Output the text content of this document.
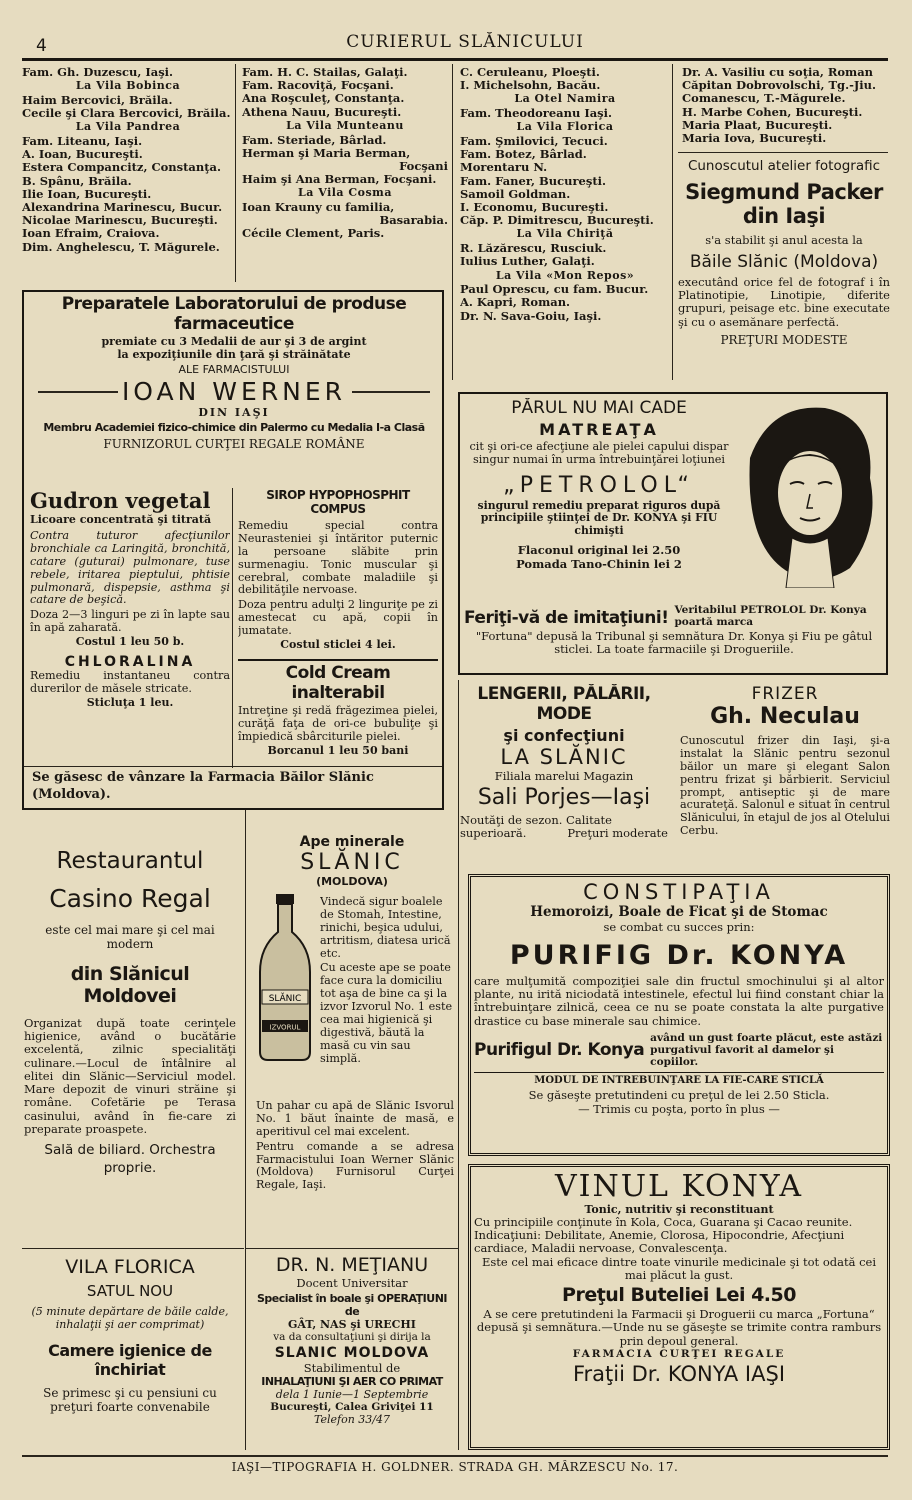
4	CURIERUL SLĂNICULUI
Fam. Gh. Duzescu, Iaşi.
La Vila Bobinca
Haim Bercovici, Brăila.
Cecile şi Clara Bercovici, Brăila.
La Vila Pandrea
Fam. Liteanu, Iaşi.
A. Ioan, Bucureşti.
Estera Compancitz, Constanţa.
B. Spânu, Brăila.
Ilie Ioan, Bucureşti.
Alexandrina Marinescu, Bucur.
Nicolae Marinescu, Bucureşti.
Ioan Efraim, Craiova.
Dim. Anghelescu, T. Măgurele.
Fam. H. C. Stailas, Galaţi.
Fam. Racoviţă, Focşani.
Ana Roşculeţ, Constanţa.
Athena Nauu, Bucureşti.
La Vila Munteanu
Fam. Steriade, Bârlad.
Herman şi Maria Berman,
Focşani
Haim şi Ana Berman, Focşani.
La Vila Cosma
Ioan Krauny cu familia,
Basarabia.
Cécile Clement, Paris.
C. Ceruleanu, Ploeşti.
I. Michelsohn, Bacău.
La Otel Namira
Fam. Theodoreanu Iaşi.
La Vila Florica
Fam. Şmilovici, Tecuci.
Fam. Botez, Bârlad.
Morentaru N.
Fam. Faner, Bucureşti.
Samoil Goldman.
I. Economu, Bucureşti.
Căp. P. Dimitrescu, Bucureşti.
La Vila Chiriţă
R. Lăzărescu, Rusciuk.
Iulius Luther, Galaţi.
La Vila «Mon Repos»
Paul Oprescu, cu fam. Bucur.
A. Kapri, Roman.
Dr. N. Sava-Goiu, Iaşi.
Dr. A. Vasiliu cu soţia, Roman
Căpitan Dobrovolschi, Tg.-Jiu.
Comanescu, T.-Măgurele.
H. Marbe Cohen, Bucureşti.
Maria Plaat, Bucureşti.
Maria Iova, Bucureşti.
Cunoscutul atelier fotografic
Siegmund Packer din Iaşi
s'a stabilit şi anul acesta la
Băile Slănic (Moldova)
executând orice fel de fotograf i în Platinotipie, Linotipie, diferite grupuri, peisage etc. bine executate şi cu o asemănare perfectă.
PREŢURI MODESTE
Preparatele Laboratorului de produse farmaceutice
premiate cu 3 Medalii de aur şi 3 de argint
la expoziţiunile din ţară şi străinătate
ALE FARMACISTULUI
IOAN WERNER
DIN IAŞI
Membru Academiei fizico-chimice din Palermo cu Medalia I-a Clasă
FURNIZORUL CURŢEI REGALE ROMÂNE
Gudron vegetal
Licoare concentrată şi titrată
Contra tuturor afecţiunilor bronchiale ca Laringită, bronchită, catare (guturai) pulmonare, tuse rebele, iritarea pieptului, phtisie pulmonară, dispepsie, asthma şi catare de beşică.
Doza 2—3 linguri pe zi în lapte sau în apă zaharată.
Costul 1 leu 50 b.
CHLORALINA
Remediu instantaneu contra durerilor de măsele stricate.
Sticluţa 1 leu.
SIROP HYPOPHOSPHIT COMPUS
Remediu special contra Neurasteniei şi întăritor puternic la persoane slăbite prin surmenagiu. Tonic muscular şi cerebral, combate maladiile şi debilităţile nervoase.
Doza pentru adulţi 2 linguriţe pe zi amestecat cu apă, copii în jumatate.
Costul sticlei 4 lei.
Cold Cream inalterabil
Intreţine şi redă frăgezimea pielei, curăţă faţa de ori-ce bubuliţe şi împiedică sbârciturile pielei.
Borcanul 1 leu 50 bani
Se găsesc de vânzare la Farmacia Băilor Slănic (Moldova).
PĂRUL NU MAI CADE
MATREAŢA
cit şi ori-ce afecţiune ale pielei capului dispar singur numai în urma întrebuinţărei loţiunei
„PETROLOL“
singurul remediu preparat riguros după principiile ştiinţei de Dr. KONYA şi FIU chimişti
Flaconul original lei 2.50
Pomada Tano-Chinin lei 2
Feriţi-vă de imitaţiuni! Veritabilul PETROLOL Dr. Konya poartă marca
"Fortuna" depusă la Tribunal şi semnătura Dr. Konya şi Fiu pe gâtul sticlei. La toate farmaciile şi Drogueriile.
LENGERII, PĂLĂRII, MODE
şi confecţiuni
LA SLĂNIC
Filiala marelui Magazin
Sali Porjes—Iaşi
Noutăţi de sezon. Calitate superioară.	Preţuri moderate
FRIZER
Gh. Neculau
Cunoscutul frizer din Iaşi, şi-a instalat la Slănic pentru sezonul băilor un mare şi elegant Salon pentru frizat şi bărbierit. Serviciul prompt, antiseptic şi de mare acurateţă. Salonul e situat în centrul Slănicului, în etajul de jos al Otelului Cerbu.
Restaurantul
Casino Regal
este cel mai mare şi cel mai modern
din Slănicul Moldovei
Organizat după toate cerinţele higienice, având o bucătărie excelentă, zilnic specialităţi culinare.—Locul de întâlnire al elitei din Slănic—Serviciul model. Mare depozit de vinuri străine şi române. Cofetărie pe Terasa casinului, având în fie-care zi preparate proaspete.
Sală de biliard. Orchestra
proprie.
Ape minerale
SLĂNIC
(MOLDOVA)
SLĂNIC
IZVORUL
Vindecă sigur boalele de Stomah, Intestine, rinichi, beşica udului, artritism, diatesa urică etc.
Cu aceste ape se poate face cura la domiciliu tot aşa de bine ca şi la izvor Izvorul No. 1 este cea mai higienică şi digestivă, băută la masă cu vin sau simplă.
Un pahar cu apă de Slănic Isvorul No. 1 băut înainte de masă, e aperitivul cel mai excelent.
Pentru comande a se adresa Farmacistului Ioan Werner Slănic (Moldova) Furnisorul Curţei Regale, Iaşi.
CONSTIPAŢIA
Hemoroizi, Boale de Ficat şi de Stomac
se combat cu succes prin:
PURIFIG Dr. KONYA
care mulţumită compoziţiei sale din fructul smochinului şi al altor plante, nu irită niciodată intestinele, efectul lui fiind constant chiar la întrebuinţare zilnică, ceea ce nu se poate constata la alte purgative drastice cu base minerale sau chimice.
Purifigul Dr. Konya
având un gust foarte plăcut, este astăzi purgativul favorit al damelor şi copiilor.
MODUL DE INTREBUINŢARE LA FIE-CARE STICLĂ
Se găseşte pretutindeni cu preţul de lei 2.50 Sticla.
— Trimis cu poşta, porto în plus —
VINUL KONYA
Tonic, nutritiv şi reconstituant
Cu principiile conţinute în Kola, Coca, Guarana şi Cacao reunite.
Indicaţiuni: Debilitate, Anemie, Clorosa, Hipocondrie, Afecţiuni cardiace, Maladii nervoase, Convalescenţa.
Este cel mai eficace dintre toate vinurile medicinale şi tot odată cei mai plăcut la gust.
Preţul Buteliei Lei 4.50
A se cere pretutindeni la Farmacii şi Droguerii cu marca „Fortuna“ depusă şi semnătura.—Unde nu se găseşte se trimite contra ramburs prin depoul general.
FARMACIA CURŢEI REGALE
Fraţii Dr. KONYA IAŞI
VILA FLORICA
SATUL NOU
(5 minute depărtare de băile calde, inhalaţii şi aer comprimat)
Camere igienice de închiriat
Se primesc şi cu pensiuni cu preţuri foarte convenabile
DR. N. MEŢIANU
Docent Universitar
Specialist în boale şi OPERAŢIUNI de
GÂT, NAS şi URECHI
va da consultaţiuni şi dirija la
SLANIC MOLDOVA
Stabilimentul de
INHALAŢIUNI ŞI AER CO PRIMAT
dela 1 Iunie—1 Septembrie
Bucureşti, Calea Griviţei 11
Telefon 33/47
IAŞI—TIPOGRAFIA H. GOLDNER. STRADA GH. MÂRZESCU No. 17.
